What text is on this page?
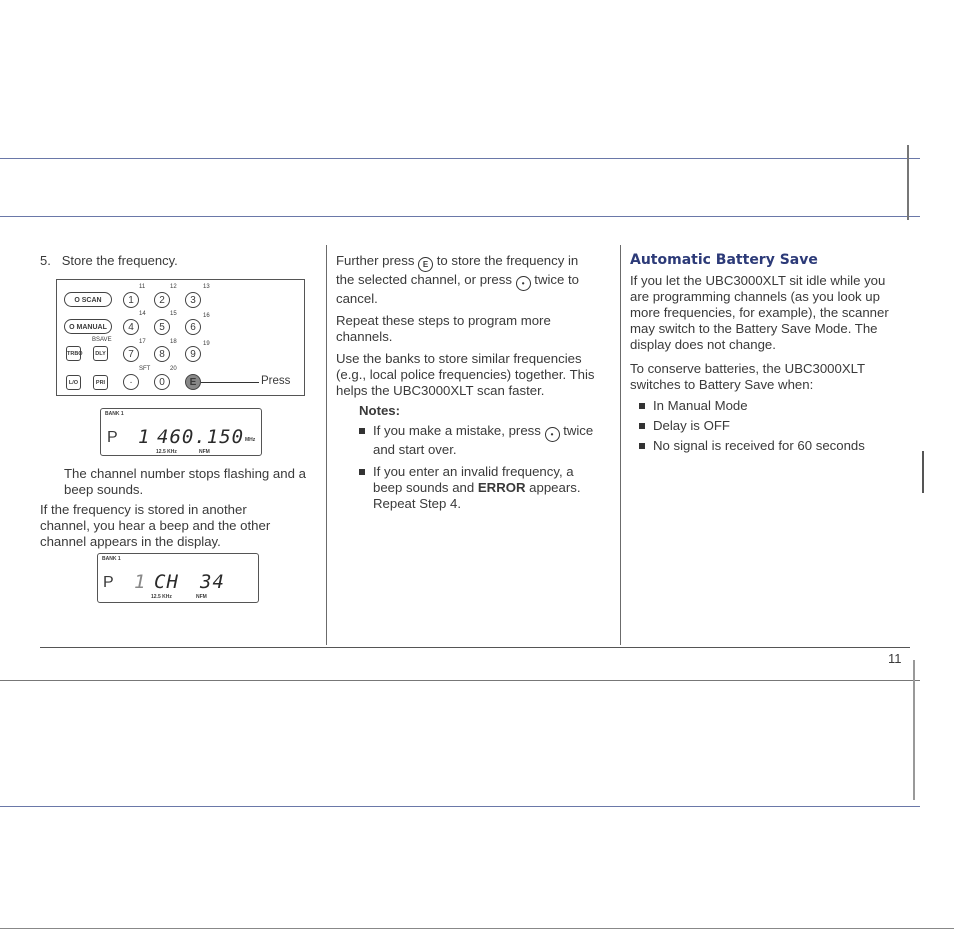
11
5. Store the frequency.
O SCAN
O MANUAL
TRBO	DLY
BSAVE
L/O	PRI
1	2	3
4	5	6
7	8	9
·	0	E
11	12	13
14	15	16
17	18	19
SFT	20
Press
BANK 1
P 1 460.150 MHz
12.5 KHz	NFM

The channel number stops flashing and a beep sounds.

If the frequency is stored in another channel, you hear a beep and the other channel appears in the display.

BANK 1
P 1 CH 34
12.5 KHz	NFM

Further press E to store the frequency in the selected channel, or press • twice to cancel.

Repeat these steps to program more channels.

Use the banks to store similar frequencies (e.g., local police frequencies) together. This helps the UBC3000XLT scan faster.

Notes:

If you make a mistake, press • twice and start over.

If you enter an invalid frequency, a beep sounds and ERROR appears. Repeat Step 4.

Automatic Battery Save

If you let the UBC3000XLT sit idle while you are programming channels (as you look up more frequencies, for example), the scanner may switch to the Battery Save Mode. The display does not change.

To conserve batteries, the UBC3000XLT switches to Battery Save when:

In Manual Mode

Delay is OFF

No signal is received for 60 seconds
